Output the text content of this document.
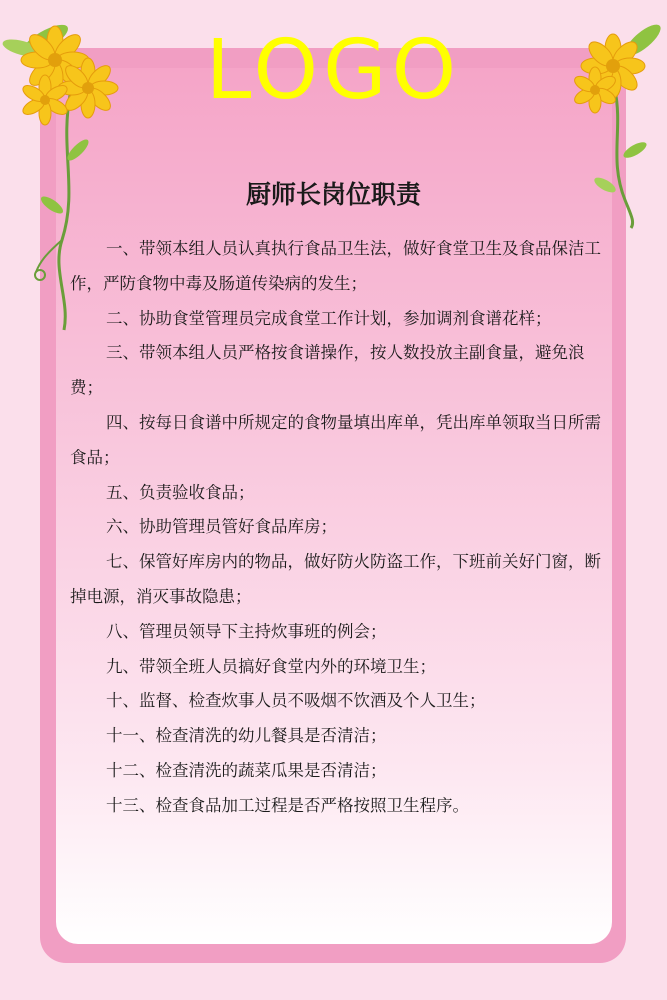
LOGO
厨师长岗位职责

一、带领本组人员认真执行食品卫生法，做好食堂卫生及食品保洁工作，严防食物中毒及肠道传染病的发生；

二、协助食堂管理员完成食堂工作计划，参加调剂食谱花样；

三、带领本组人员严格按食谱操作，按人数投放主副食量，避免浪费；

四、按每日食谱中所规定的食物量填出库单，凭出库单领取当日所需食品；

五、负责验收食品；

六、协助管理员管好食品库房；

七、保管好库房内的物品，做好防火防盗工作，下班前关好门窗，断掉电源，消灭事故隐患；

八、管理员领导下主持炊事班的例会；

九、带领全班人员搞好食堂内外的环境卫生；

十、监督、检查炊事人员不吸烟不饮酒及个人卫生；

十一、检查清洗的幼儿餐具是否清洁；

十二、检查清洗的蔬菜瓜果是否清洁；

十三、检查食品加工过程是否严格按照卫生程序。
